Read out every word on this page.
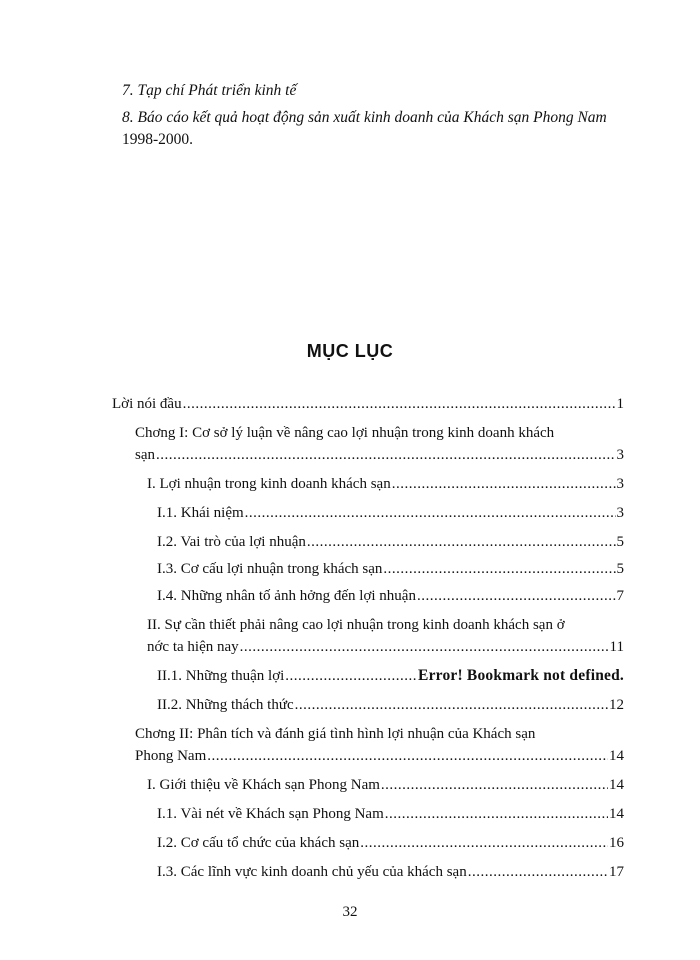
7. Tạp chí Phát triển kinh tế

8. Báo cáo kết quả hoạt động sản xuất kinh doanh của Khách sạn Phong Nam 1998-2000.

MỤC LỤC
Lời nói đầu .....	1
Chơng I: Cơ sở lý luận về nâng cao lợi nhuận trong kinh doanh khách
sạn .....	3
I. Lợi nhuận trong kinh doanh khách sạn .....	3
I.1. Khái niệm .....	3
I.2. Vai trò của lợi nhuận .....	5
I.3. Cơ cấu lợi nhuận trong khách sạn .....	5
I.4. Những nhân tố ảnh hởng đến lợi nhuận .....	7
II. Sự cần thiết phải nâng cao lợi nhuận trong kinh doanh khách sạn ở
nớc ta hiện nay .....	11
II.1. Những thuận lợi .....	Error! Bookmark not defined.
II.2. Những thách thức .....	12
Chơng II: Phân tích và đánh giá tình hình lợi nhuận của Khách sạn
Phong Nam .....	14
I. Giới thiệu về Khách sạn Phong Nam .....	14
I.1. Vài nét về Khách sạn Phong Nam .....	14
I.2. Cơ cấu tổ chức của khách sạn .....	16
I.3. Các lĩnh vực kinh doanh chủ yếu của khách sạn .....	17
32
